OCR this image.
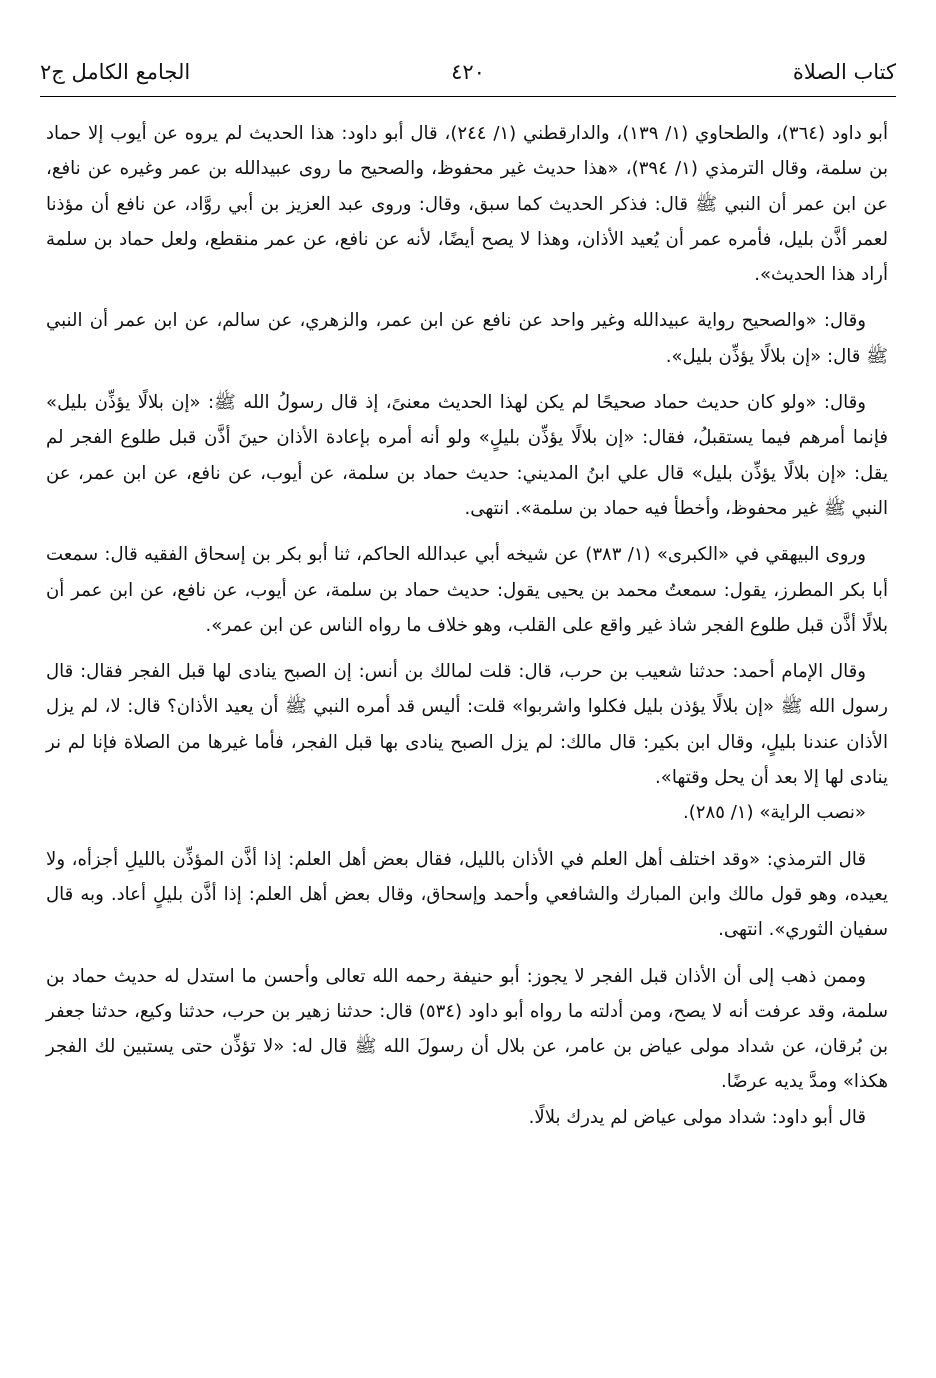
كتاب الصلاة
٤٢٠
الجامع الكامل ج٢

أبو داود (٣٦٤)، والطحاوي (١/ ١٣٩)، والدارقطني (١/ ٢٤٤)، قال أبو داود: هذا الحديث لم يروه عن أيوب إلا حماد بن سلمة، وقال الترمذي (١/ ٣٩٤)، «هذا حديث غير محفوظ، والصحيح ما روى عبيدالله بن عمر وغيره عن نافع، عن ابن عمر أن النبي ﷺ قال: فذكر الحديث كما سبق، وقال: وروى عبد العزيز بن أبي روَّاد، عن نافع أن مؤذنا لعمر أذَّن بليل، فأمره عمر أن يُعيد الأذان، وهذا لا يصح أيضًا، لأنه عن نافع، عن عمر منقطع، ولعل حماد بن سلمة أراد هذا الحديث».

وقال: «والصحيح رواية عبيدالله وغير واحد عن نافع عن ابن عمر، والزهري، عن سالم، عن ابن عمر أن النبي ﷺ قال: «إن بلالًا يؤذِّن بليل».

وقال: «ولو كان حديث حماد صحيحًا لم يكن لهذا الحديث معنىً، إذ قال رسولُ الله ﷺ: «إن بلالًا يؤذِّن بليل» فإنما أمرهم فيما يستقبلُ، فقال: «إن بلالًا يؤذِّن بليلٍ» ولو أنه أمره بإعادة الأذان حينَ أذَّن قبل طلوع الفجر لم يقل: «إن بلالًا يؤذِّن بليل» قال علي ابنُ المديني: حديث حماد بن سلمة، عن أيوب، عن نافع، عن ابن عمر، عن النبي ﷺ غير محفوظ، وأخطأ فيه حماد بن سلمة». انتهى.

وروى البيهقي في «الكبرى» (١/ ٣٨٣) عن شيخه أبي عبدالله الحاكم، ثنا أبو بكر بن إسحاق الفقيه قال: سمعت أبا بكر المطرز، يقول: سمعتُ محمد بن يحيى يقول: حديث حماد بن سلمة، عن أيوب، عن نافع، عن ابن عمر أن بلالًا أذَّن قبل طلوع الفجر شاذ غير واقع على القلب، وهو خلاف ما رواه الناس عن ابن عمر».

وقال الإمام أحمد: حدثنا شعيب بن حرب، قال: قلت لمالك بن أنس: إن الصبح ينادى لها قبل الفجر فقال: قال رسول الله ﷺ «إن بلالًا يؤذن بليل فكلوا واشربوا» قلت: أليس قد أمره النبي ﷺ أن يعيد الأذان؟ قال: لا، لم يزل الأذان عندنا بليلٍ، وقال ابن بكير: قال مالك: لم يزل الصبح ينادى بها قبل الفجر، فأما غيرها من الصلاة فإنا لم نر ينادى لها إلا بعد أن يحل وقتها».

«نصب الراية» (١/ ٢٨٥).

قال الترمذي: «وقد اختلف أهل العلم في الأذان بالليل، فقال بعض أهل العلم: إذا أذَّن المؤذِّن بالليلِ أجزأه، ولا يعيده، وهو قول مالك وابن المبارك والشافعي وأحمد وإسحاق، وقال بعض أهل العلم: إذا أذَّن بليلٍ أعاد. وبه قال سفيان الثوري». انتهى.

وممن ذهب إلى أن الأذان قبل الفجر لا يجوز: أبو حنيفة رحمه الله تعالى وأحسن ما استدل له حديث حماد بن سلمة، وقد عرفت أنه لا يصح، ومن أدلته ما رواه أبو داود (٥٣٤) قال: حدثنا زهير بن حرب، حدثنا وكيع، حدثنا جعفر بن بُرقان، عن شداد مولى عياض بن عامر، عن بلال أن رسولَ الله ﷺ قال له: «لا تؤذِّن حتى يستبين لك الفجر هكذا» ومدَّ يديه عرضًا.

قال أبو داود: شداد مولى عياض لم يدرك بلالًا.
